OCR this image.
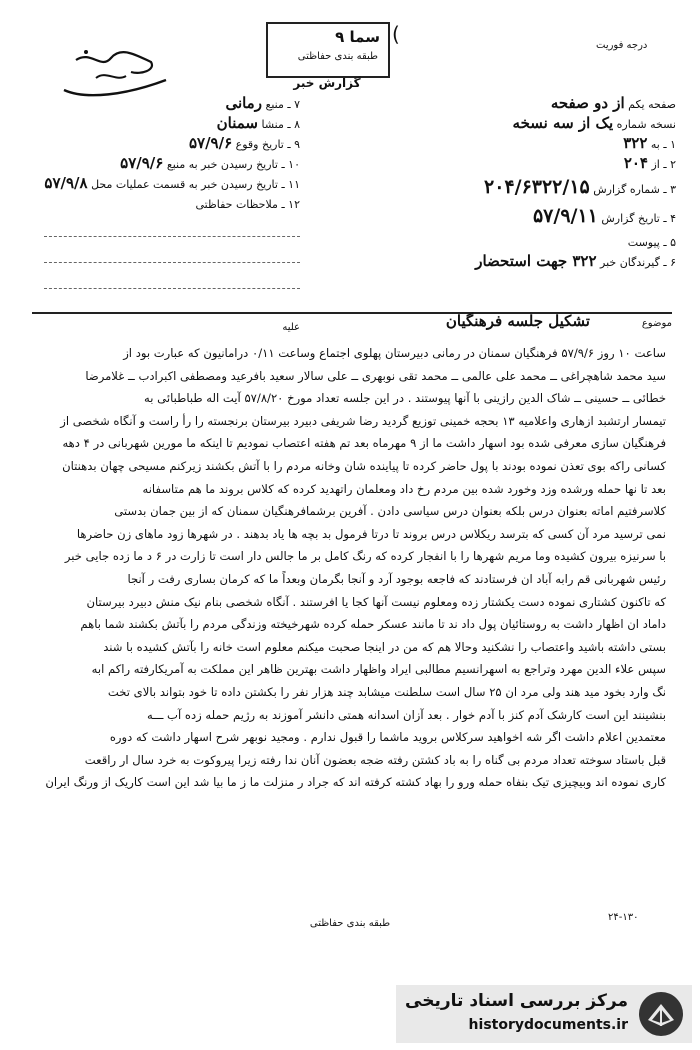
درجه فوریت
سما ۹
طبقه بندی حفاظتی
گزارش خبر
(
صفحه یکم از دو صفحه
نسخه شماره یک از سه نسخه
۱ ـ به ۳۲۲
۲ ـ از ۲۰۴
۳ ـ شماره گزارش ۲۰۴/۶۳۲۲/۱۵
۴ ـ تاریخ گزارش ۵۷/۹/۱۱
۵ ـ پیوست
۶ ـ گیرندگان خبر ۳۲۲ جهت استحضار
۷ ـ منبع رمانی
۸ ـ منشا سمنان
۹ ـ تاریخ وقوع ۵۷/۹/۶
۱۰ ـ تاریخ رسیدن خبر به منبع ۵۷/۹/۶
۱۱ ـ تاریخ رسیدن خبر به قسمت عملیات محل ۵۷/۹/۸
۱۲ ـ ملاحظات حفاظتی
موضوع
تشکیل جلسه فرهنگیان
علیه
ساعت ۱۰ روز ۵۷/۹/۶ فرهنگیان سمنان در رمانی دبیرستان پهلوی اجتماع وساعت ۰/۱۱ درامانیون که عبارت بود از
سید محمد شاهچراغی ــ محمد علی عالمی ــ محمد تقی نوبهری ــ علی سالار سعید بافرعید ومصطفی اکبرادب ــ غلامرضا
خطائی ــ حسینی ــ شاک الدین رازینی با آنها پیوستند . در این جلسه تعداد مورخ ۵۷/۸/۲۰ آیت اله طباطبائی به
تیمسار ارتشبد ازهاری واعلامیه ۱۳ بحجه خمینی توزیع گردید رضا شریفی دبیرد بیرستان برنجسته را رأ راست و آنگاه شخصی از
فرهنگیان سازی معرفی شده بود اسهار داشت ما از ۹ مهرماه بعد تم هفته اعتصاب نمودیم تا اینکه ما مورین شهربانی در ۴ دهه
کسانی راکه بوی تعذن نموده بودند با پول حاضر کرده تا پیاینده شان وخانه مردم را با آتش بکشند زیرکنم مسیحی چهان بدهنتان
بعد تا نها حمله ورشده وزد وخورد شده بین مردم رخ داد ومعلمان راتهدید کرده که کلاس بروند ما هم متاسفانه
کلاسرفتیم اماته بعنوان درس بلکه بعنوان درس سیاسی دادن . آفرین برشمافرهنگیان سمنان که از بین جمان بدستی
نمی ترسید مرد آن کسی که بترسد ریکلاس درس بروند تا درتا فرمول بد بچه ها یاد بدهند . در شهرها زود ماهای زن حاضرها
با سرنیزه بیرون کشیده وما مریم شهرها را با انفجار کرده که رنگ کامل بر ما جالس دار است تا زارت در ۶ د ما زده جایی خبر
رئیس شهربانی قم رابه آباد ان فرستادند که فاجعه بوجود آرد و آنجا بگرمان وبعداً ما که کرمان بساری رفت ر آنجا
که تاکنون کشتاری نموده دست یکشتار زده ومعلوم نیست آنها کجا یا افرستند . آنگاه شخصی بنام نیک منش دبیرد بیرستان
داماد ان اظهار داشت به روستائیان پول داد ند تا مانند عسکر حمله کرده شهرخیخته وزندگی مردم را بآتش بکشند شما باهم
بستی داشته باشید واعتصاب را نشکنید وحالا هم که من در اینجا صحبت میکنم معلوم است خانه را بآتش کشیده با شند
سپس علاء الدین مهرد وتراجع به اسهرانسیم مطالبی ایراد واظهار داشت بهترین ظاهر این مملکت به آمریکارفته راکم ابه
نگ وارد بخود مید هند ولی مرد ان ۲۵ سال است سلطنت میشابد چند هزار نفر را بکشتن داده تا خود بتواند بالای تخت
بنشینند این است کارشک آدم کنز با آدم خوار . بعد آزان اسدانه همتی دانشر آموزند به رژیم حمله زده آب ـــه
معتمدین اعلام داشت اگر شه اخواهید سرکلاس بروید ماشما را قبول ندارم . ومجید نوبهر شرح اسهار داشت که دوره
قبل باستاد سوخته تعداد مردم بی گناه را به باد کشتن رفته ضجه بعضون آنان ندا رفته زیرا پیروکوت به خرد سال ار راقعت
کاری نموده اند وبیچیزی تیک بنفاه حمله ورو را بهاد کشته کرفته اند که جراد ر منزلت ما ز ما بیا شد این است کاریک از ورنگ ایران
طبقه بندی حفاظتی
۲۴-۱۳۰
مرکز بررسی اسناد تاریخی
historydocuments.ir
